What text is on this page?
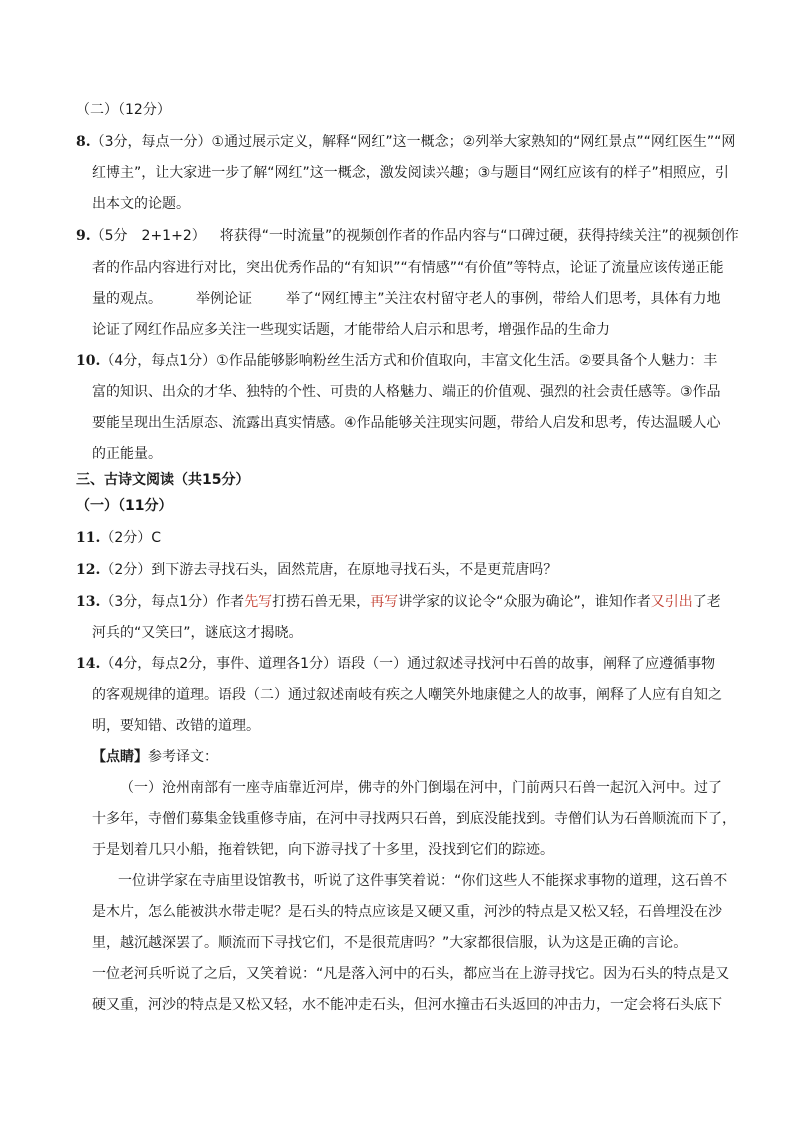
（二）（12分）
8.（3分，每点一分）①通过展示定义，解释“网红”这一概念；②列举大家熟知的“网红景点”“网红医生”“网
红博主”，让大家进一步了解“网红”这一概念，激发阅读兴趣；③与题目“网红应该有的样子”相照应，引
出本文的论题。
9.（5分 2+1+2） 将获得“一时流量”的视频创作者的作品内容与“口碑过硬，获得持续关注”的视频创作
者的作品内容进行对比，突出优秀作品的“有知识”“有情感”“有价值”等特点，论证了流量应该传递正能
量的观点。 举例论证 举了“网红博主”关注农村留守老人的事例，带给人们思考，具体有力地
论证了网红作品应多关注一些现实话题，才能带给人启示和思考，增强作品的生命力
10.（4分，每点1分）①作品能够影响粉丝生活方式和价值取向，丰富文化生活。②要具备个人魅力：丰
富的知识、出众的才华、独特的个性、可贵的人格魅力、端正的价值观、强烈的社会责任感等。③作品
要能呈现出生活原态、流露出真实情感。④作品能够关注现实问题，带给人启发和思考，传达温暖人心
的正能量。
三、古诗文阅读（共15分）
（一）（11分）
11.（2分）C
12.（2分）到下游去寻找石头，固然荒唐，在原地寻找石头，不是更荒唐吗？
13.（3分，每点1分）作者先写打捞石兽无果，再写讲学家的议论令“众服为确论”，谁知作者又引出了老
河兵的“又笑曰”，谜底这才揭晓。
14.（4分，每点2分，事件、道理各1分）语段（一）通过叙述寻找河中石兽的故事，阐释了应遵循事物
的客观规律的道理。语段（二）通过叙述南岐有疾之人嘲笑外地康健之人的故事，阐释了人应有自知之
明，要知错、改错的道理。
【点睛】参考译文：
（一）沧州南部有一座寺庙靠近河岸，佛寺的外门倒塌在河中，门前两只石兽一起沉入河中。过了
十多年，寺僧们募集金钱重修寺庙，在河中寻找两只石兽，到底没能找到。寺僧们认为石兽顺流而下了，
于是划着几只小船，拖着铁钯，向下游寻找了十多里，没找到它们的踪迹。
一位讲学家在寺庙里设馆教书，听说了这件事笑着说：“你们这些人不能探求事物的道理，这石兽不
是木片，怎么能被洪水带走呢？是石头的特点应该是又硬又重，河沙的特点是又松又轻，石兽埋没在沙
里，越沉越深罢了。顺流而下寻找它们，不是很荒唐吗？”大家都很信服，认为这是正确的言论。
一位老河兵听说了之后，又笑着说：“凡是落入河中的石头，都应当在上游寻找它。因为石头的特点是又
硬又重，河沙的特点是又松又轻，水不能冲走石头，但河水撞击石头返回的冲击力，一定会将石头底下
